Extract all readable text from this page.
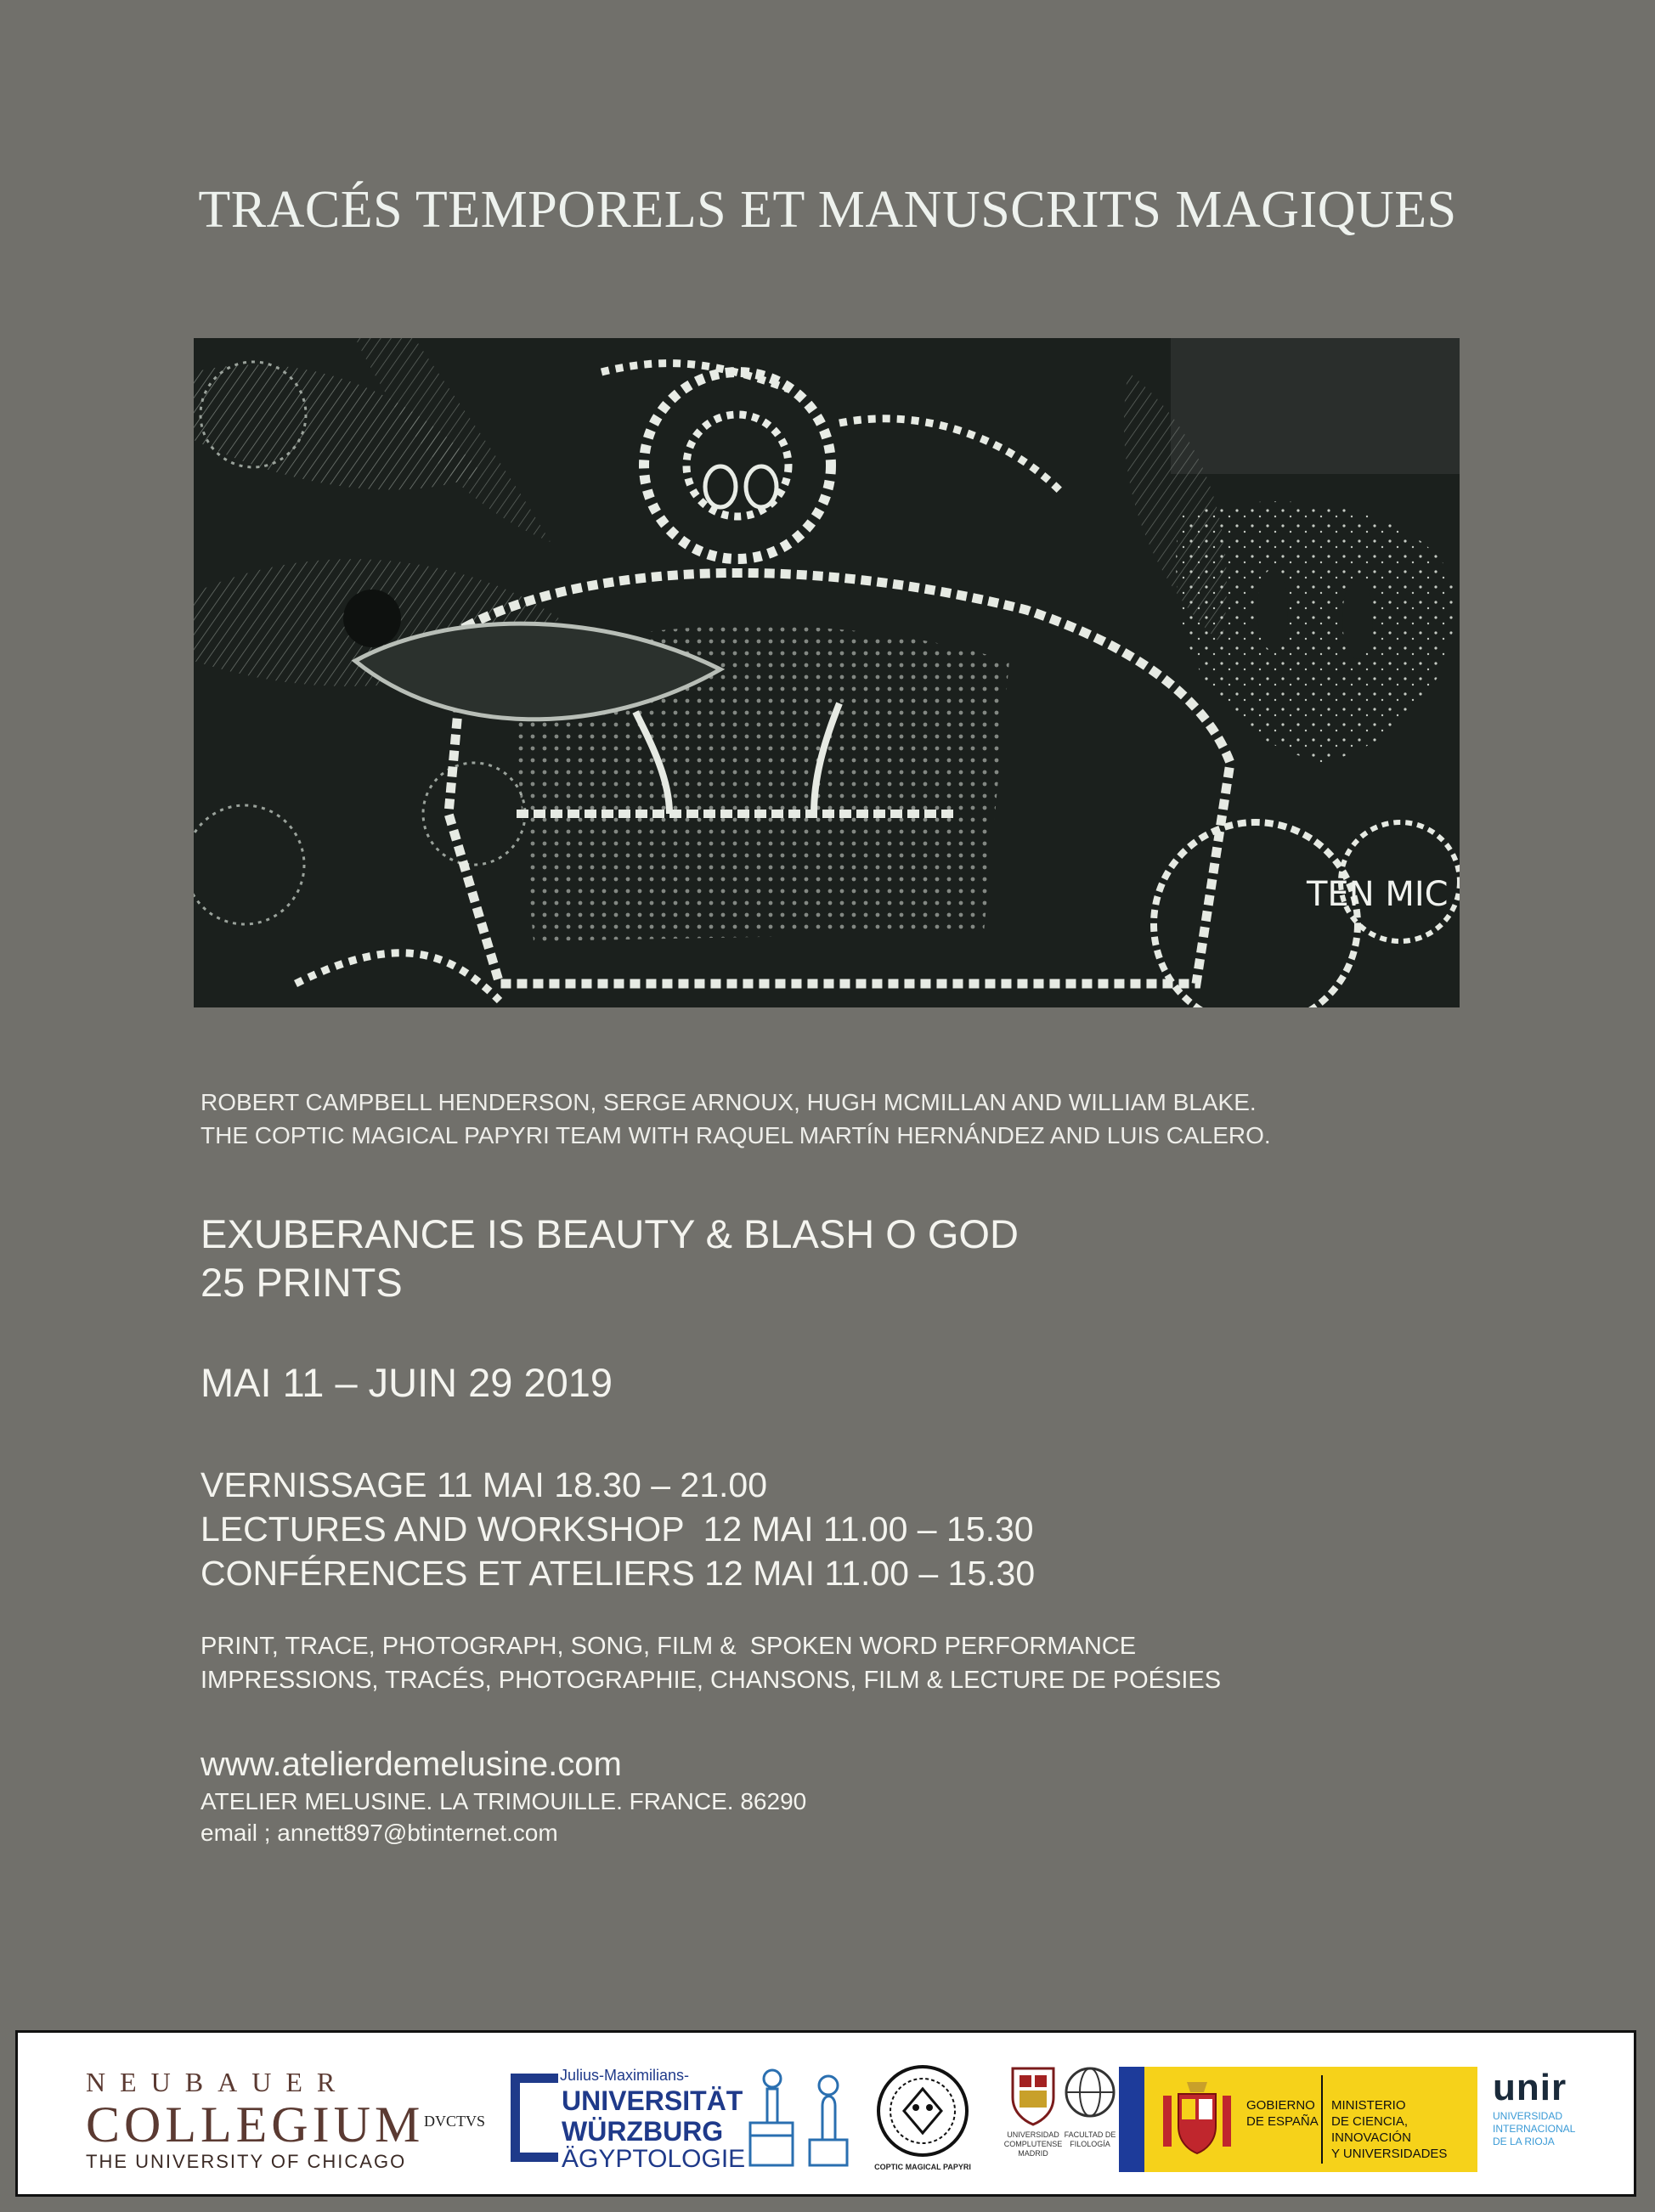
TRACÉS TEMPORELS ET MANUSCRITS MAGIQUES
TEN MIC
ROBERT CAMPBELL HENDERSON, SERGE ARNOUX, HUGH MCMILLAN AND WILLIAM BLAKE.
THE COPTIC MAGICAL PAPYRI TEAM WITH RAQUEL MARTÍN HERNÁNDEZ AND LUIS CALERO.
EXUBERANCE IS BEAUTY & BLASH O GOD
25 PRINTS
MAI 11 – JUIN 29 2019
VERNISSAGE 11 MAI 18.30 – 21.00
LECTURES AND WORKSHOP  12 MAI 11.00 – 15.30
CONFÉRENCES ET ATELIERS 12 MAI 11.00 – 15.30
PRINT, TRACE, PHOTOGRAPH, SONG, FILM &  SPOKEN WORD PERFORMANCE
IMPRESSIONS, TRACÉS, PHOTOGRAPHIE, CHANSONS, FILM & LECTURE DE POÉSIES
www.atelierdemelusine.com
ATELIER MELUSINE. LA TRIMOUILLE. FRANCE. 86290
email ; annett897@btinternet.com
NEUBAUER
COLLEGIUM
THE UNIVERSITY OF CHICAGO
DVCTVS
Julius-Maximilians-
UNIVERSITÄT
WÜRZBURG
ÄGYPTOLOGIE	COPTIC MAGICAL PAPYRI
UNIVERSIDAD
COMPLUTENSE
MADRID
FACULTAD DE
FILOLOGÍA
GOBIERNO
DE ESPAÑA
MINISTERIO
DE CIENCIA, INNOVACIÓN
Y UNIVERSIDADES
unir
UNIVERSIDAD
INTERNACIONAL
DE LA RIOJA
